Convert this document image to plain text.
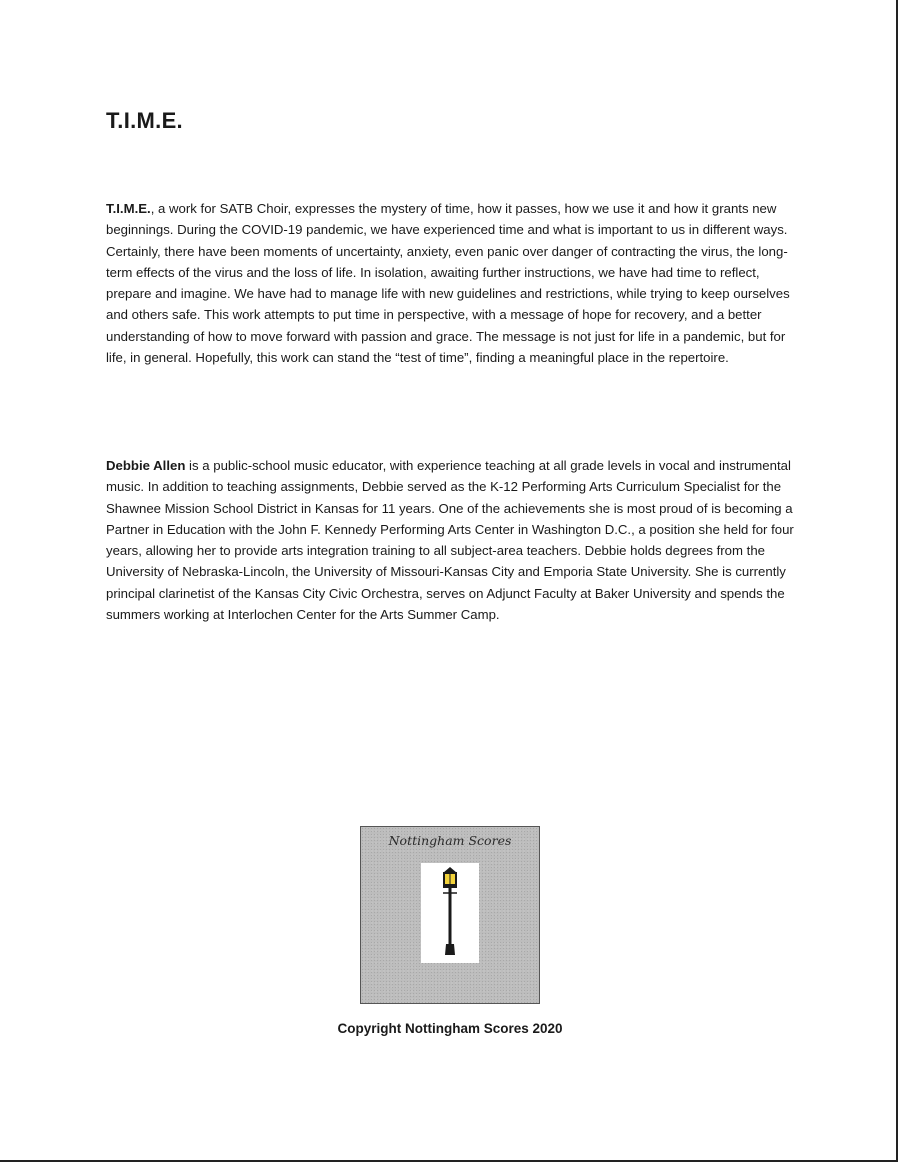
T.I.M.E.

T.I.M.E., a work for SATB Choir, expresses the mystery of time, how it passes, how we use it and how it grants new beginnings. During the COVID-19 pandemic, we have experienced time and what is important to us in different ways. Certainly, there have been moments of uncertainty, anxiety, even panic over danger of contracting the virus, the long-term effects of the virus and the loss of life. In isolation, awaiting further instructions, we have had time to reflect, prepare and imagine. We have had to manage life with new guidelines and restrictions, while trying to keep ourselves and others safe. This work attempts to put time in perspective, with a message of hope for recovery, and a better understanding of how to move forward with passion and grace. The message is not just for life in a pandemic, but for life, in general. Hopefully, this work can stand the “test of time”, finding a meaningful place in the repertoire.

Debbie Allen is a public-school music educator, with experience teaching at all grade levels in vocal and instrumental music. In addition to teaching assignments, Debbie served as the K-12 Performing Arts Curriculum Specialist for the Shawnee Mission School District in Kansas for 11 years. One of the achievements she is most proud of is becoming a Partner in Education with the John F. Kennedy Performing Arts Center in Washington D.C., a position she held for four years, allowing her to provide arts integration training to all subject-area teachers. Debbie holds degrees from the University of Nebraska-Lincoln, the University of Missouri-Kansas City and Emporia State University. She is currently principal clarinetist of the Kansas City Civic Orchestra, serves on Adjunct Faculty at Baker University and spends the summers working at Interlochen Center for the Arts Summer Camp.

Nottingham Scores

Copyright Nottingham Scores 2020
